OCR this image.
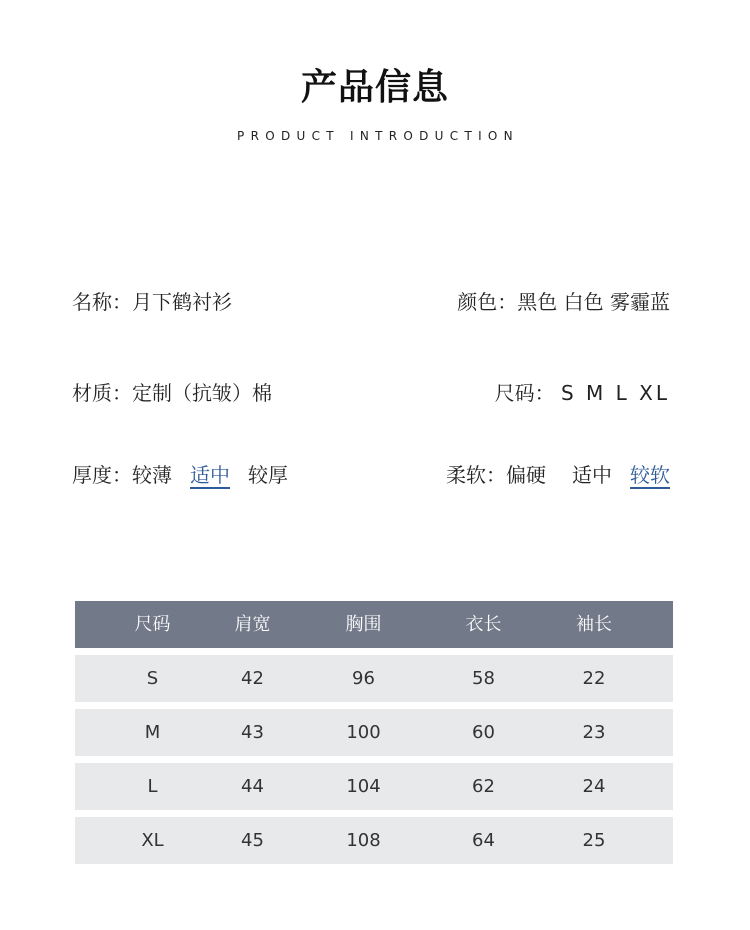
产品信息
PRODUCT INTRODUCTION
名称：月下鹤衬衫	颜色：黑色 白色 雾霾蓝
材质：定制（抗皱）棉	尺码： S M L XL
厚度：较薄 适中 较厚	柔软：偏硬 适中 较软
尺码	肩宽	胸围	衣长	袖长
S	42	96	58	22
M	43	100	60	23
L	44	104	62	24
XL	45	108	64	25
